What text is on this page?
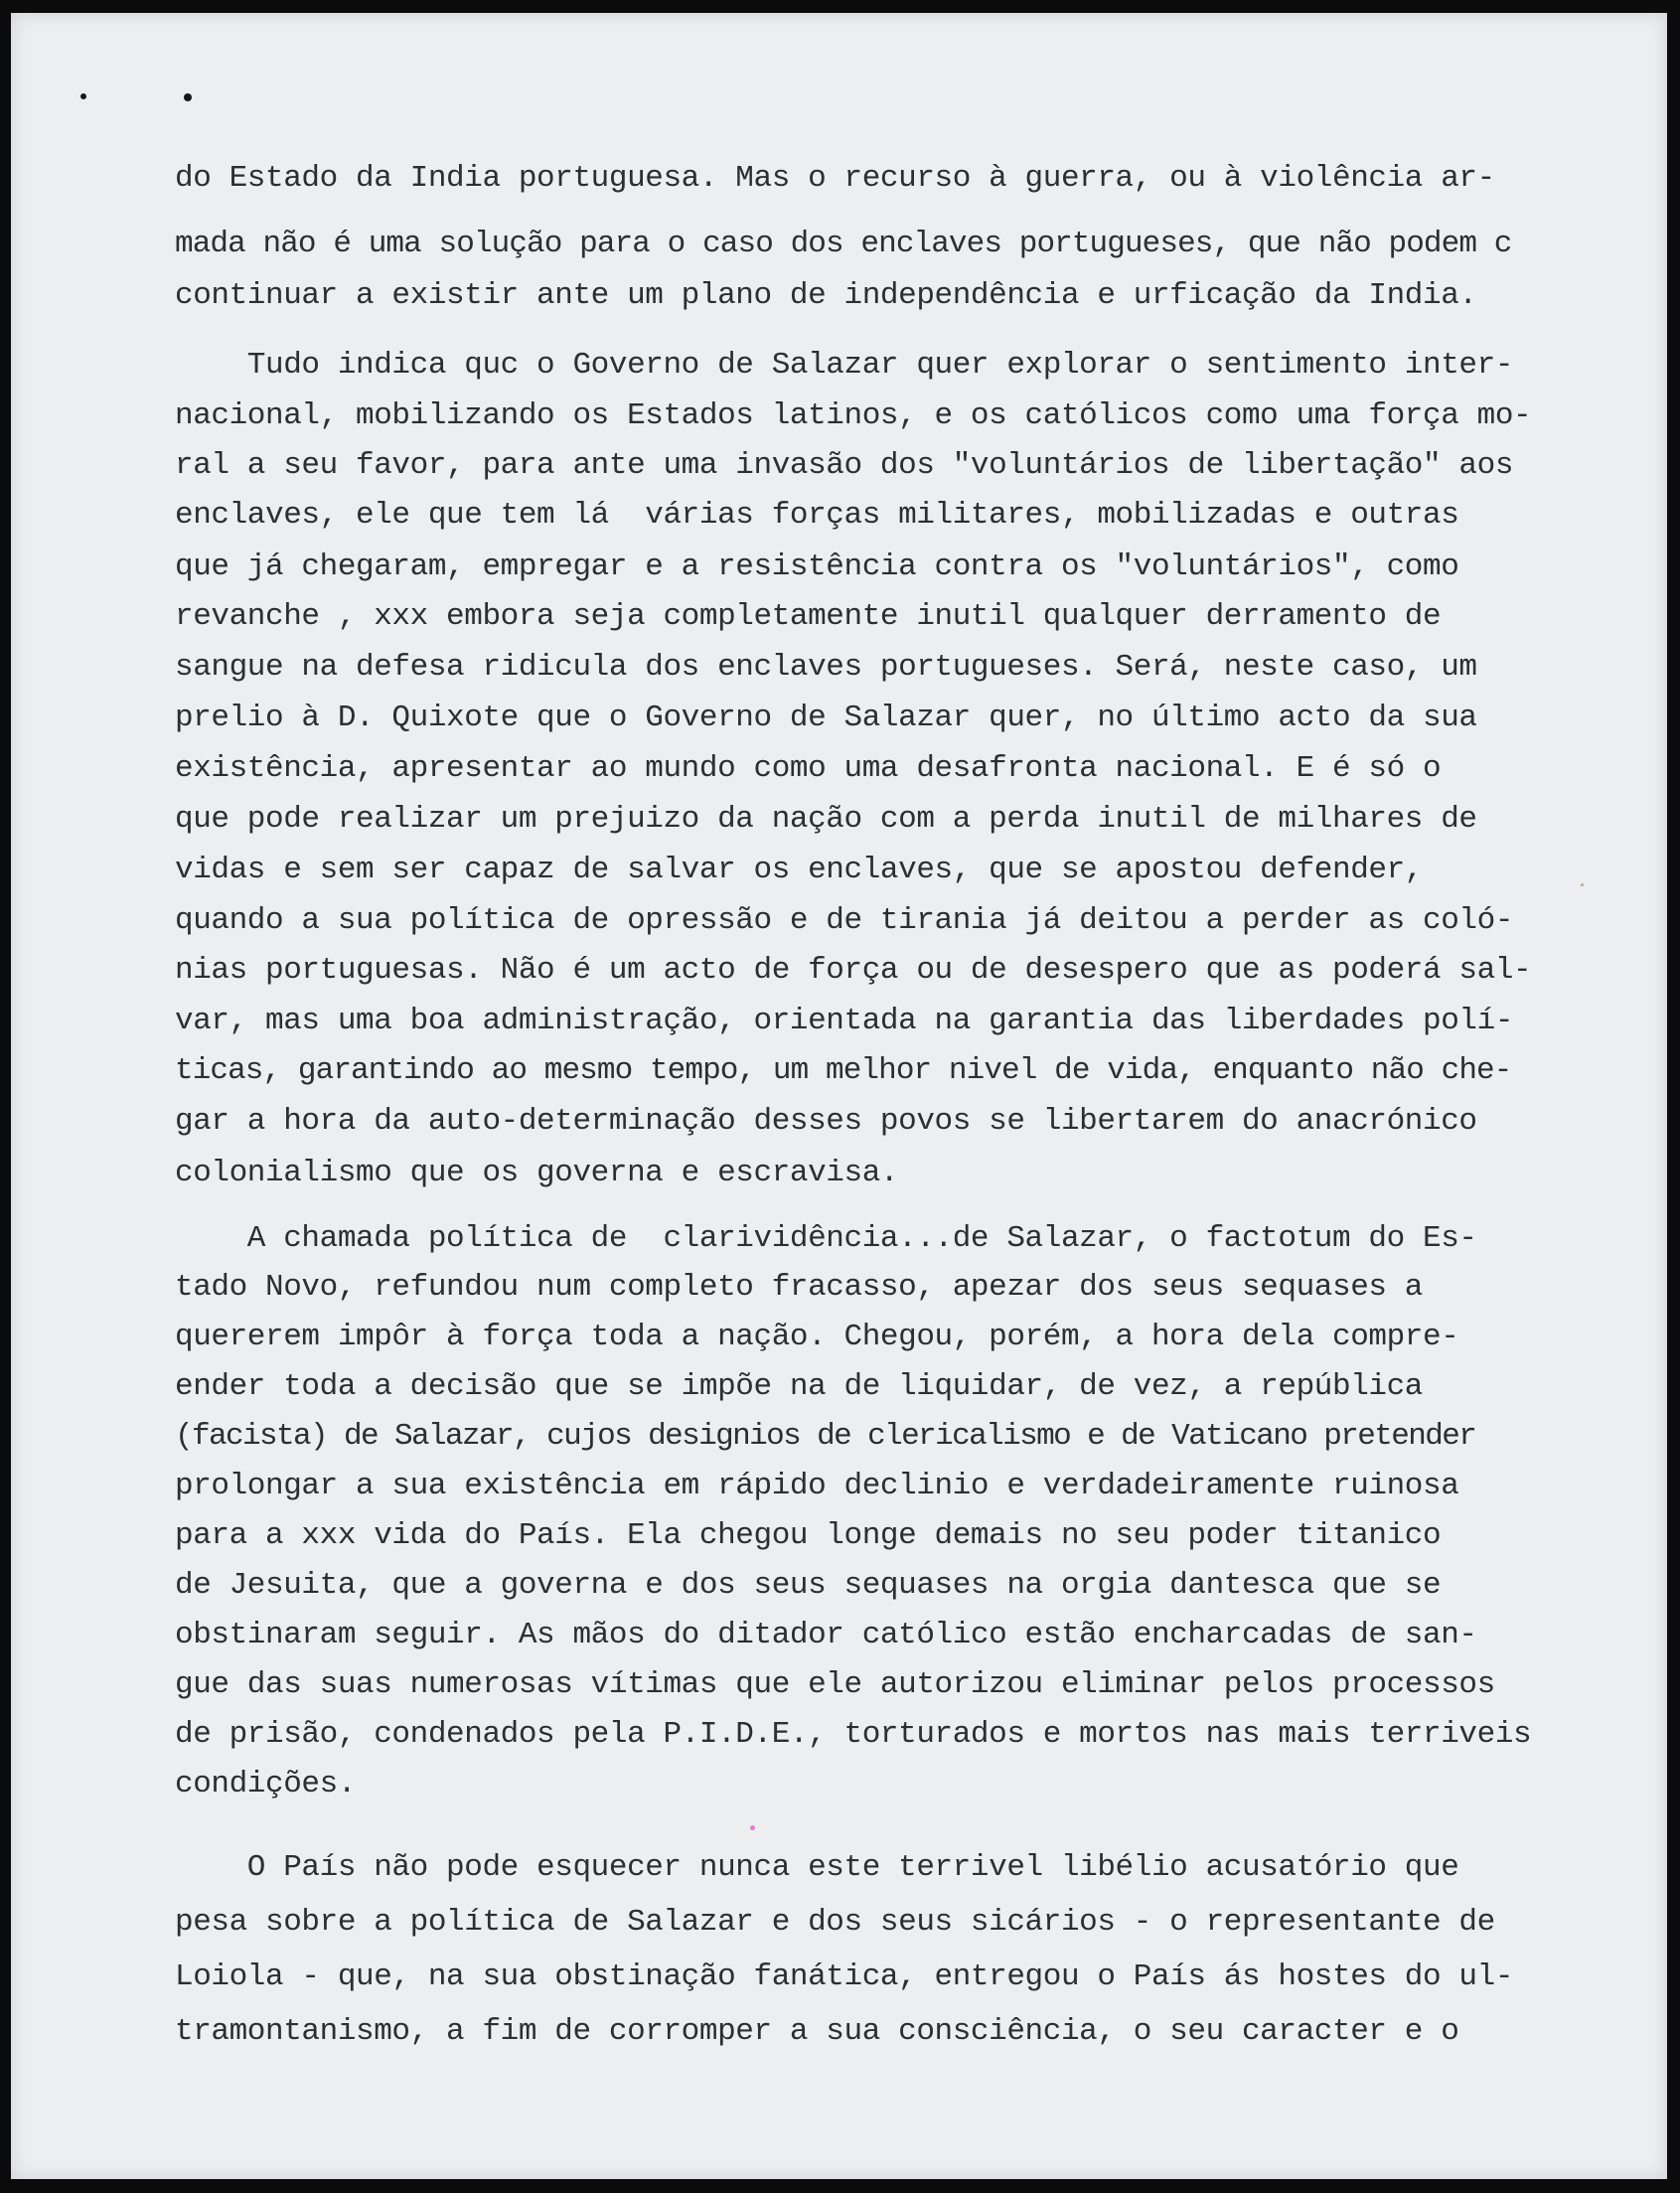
do Estado da India portuguesa. Mas o recurso à guerra, ou à violência ar-
mada não é uma solução para o caso dos enclaves portugueses, que não podem c
continuar a existir ante um plano de independência e urficação da India.
Tudo indica quc o Governo de Salazar quer explorar o sentimento inter-
nacional, mobilizando os Estados latinos, e os católicos como uma força mo-
ral a seu favor, para ante uma invasão dos "voluntários de libertação" aos
enclaves, ele que tem lá  várias forças militares, mobilizadas e outras
que já chegaram, empregar e a resistência contra os "voluntários", como
revanche , xxx embora seja completamente inutil qualquer derramento de
sangue na defesa ridicula dos enclaves portugueses. Será, neste caso, um
prelio à D. Quixote que o Governo de Salazar quer, no último acto da sua
existência, apresentar ao mundo como uma desafronta nacional. E é só o
que pode realizar um prejuizo da nação com a perda inutil de milhares de
vidas e sem ser capaz de salvar os enclaves, que se apostou defender,
quando a sua política de opressão e de tirania já deitou a perder as coló-
nias portuguesas. Não é um acto de força ou de desespero que as poderá sal-
var, mas uma boa administração, orientada na garantia das liberdades polí-
ticas, garantindo ao mesmo tempo, um melhor nivel de vida, enquanto não che-
gar a hora da auto-determinação desses povos se libertarem do anacrónico
colonialismo que os governa e escravisa.
A chamada política de  clarividência...de Salazar, o factotum do Es-
tado Novo, refundou num completo fracasso, apezar dos seus sequases a
quererem impôr à força toda a nação. Chegou, porém, a hora dela compre-
ender toda a decisão que se impõe na de liquidar, de vez, a república
(facista) de Salazar, cujos designios de clericalismo e de Vaticano pretender
prolongar a sua existência em rápido declinio e verdadeiramente ruinosa
para a xxx vida do País. Ela chegou longe demais no seu poder titanico
de Jesuita, que a governa e dos seus sequases na orgia dantesca que se
obstinaram seguir. As mãos do ditador católico estão encharcadas de san-
gue das suas numerosas vítimas que ele autorizou eliminar pelos processos
de prisão, condenados pela P.I.D.E., torturados e mortos nas mais terriveis
condições.
O País não pode esquecer nunca este terrivel libélio acusatório que
pesa sobre a política de Salazar e dos seus sicários - o representante de
Loiola - que, na sua obstinação fanática, entregou o País ás hostes do ul-
tramontanismo, a fim de corromper a sua consciência, o seu caracter e o
